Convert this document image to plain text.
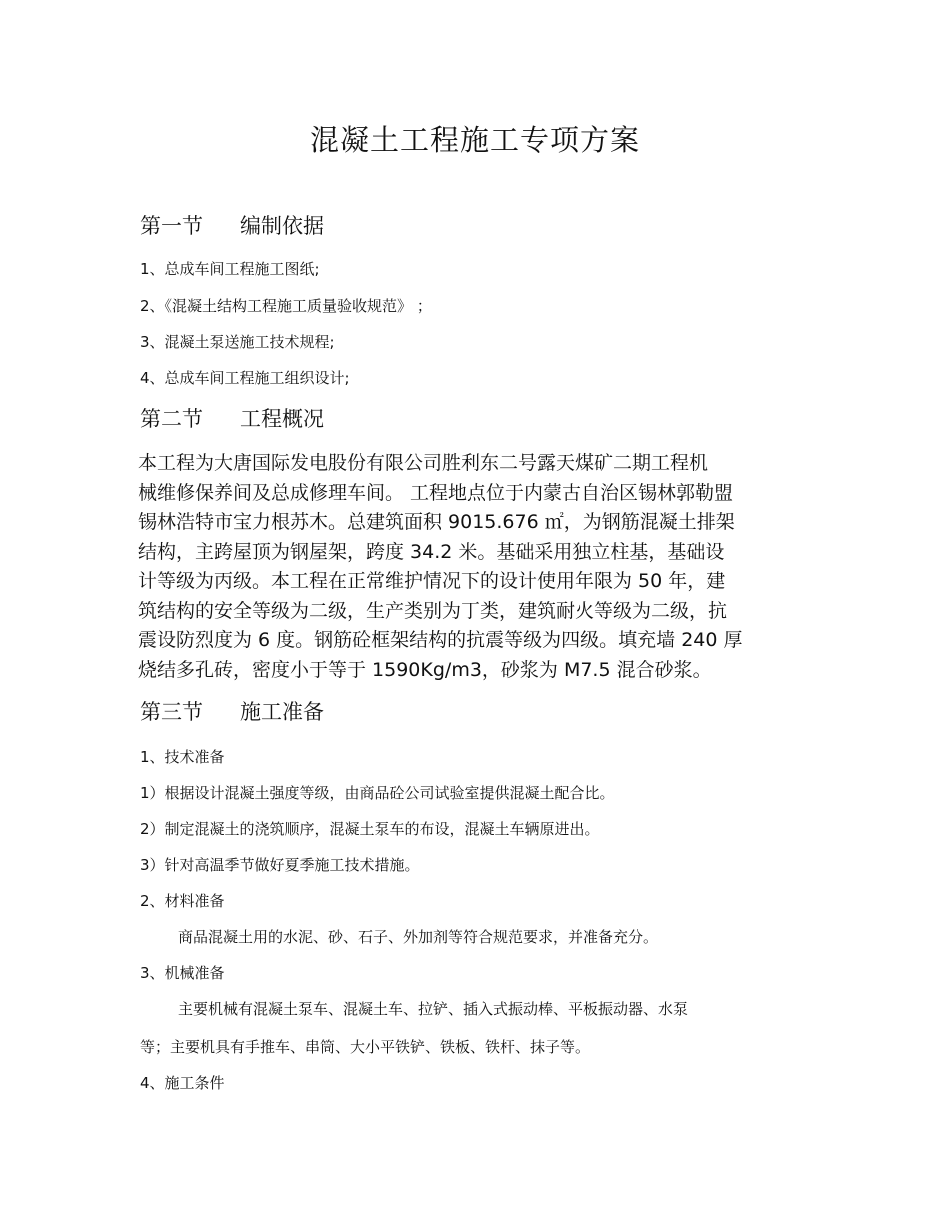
混凝土工程施工专项方案
第一节 编制依据
1、总成车间工程施工图纸;
2、《混凝土结构工程施工质量验收规范》 ；
3、混凝土泵送施工技术规程;
4、总成车间工程施工组织设计;
第二节 工程概况
本工程为大唐国际发电股份有限公司胜利东二号露天煤矿二期工程机
械维修保养间及总成修理车间。 工程地点位于内蒙古自治区锡林郭勒盟
锡林浩特市宝力根苏木。总建筑面积 9015.676 ㎡，为钢筋混凝土排架
结构，主跨屋顶为钢屋架，跨度 34.2 米。基础采用独立柱基，基础设
计等级为丙级。本工程在正常维护情况下的设计使用年限为 50 年，建
筑结构的安全等级为二级，生产类别为丁类，建筑耐火等级为二级，抗
震设防烈度为 6 度。钢筋砼框架结构的抗震等级为四级。填充墙 240 厚
烧结多孔砖，密度小于等于 1590Kg/m3，砂浆为 M7.5 混合砂浆。
第三节 施工准备
1、技术准备
1）根据设计混凝土强度等级，由商品砼公司试验室提供混凝土配合比。
2）制定混凝土的浇筑顺序，混凝土泵车的布设，混凝土车辆原进出。
3）针对高温季节做好夏季施工技术措施。
2、材料准备
商品混凝土用的水泥、砂、石子、外加剂等符合规范要求，并准备充分。
3、机械准备
主要机械有混凝土泵车、混凝土车、拉铲、插入式振动棒、平板振动器、水泵
等；主要机具有手推车、串筒、大小平铁铲、铁板、铁杆、抹子等。
4、施工条件
